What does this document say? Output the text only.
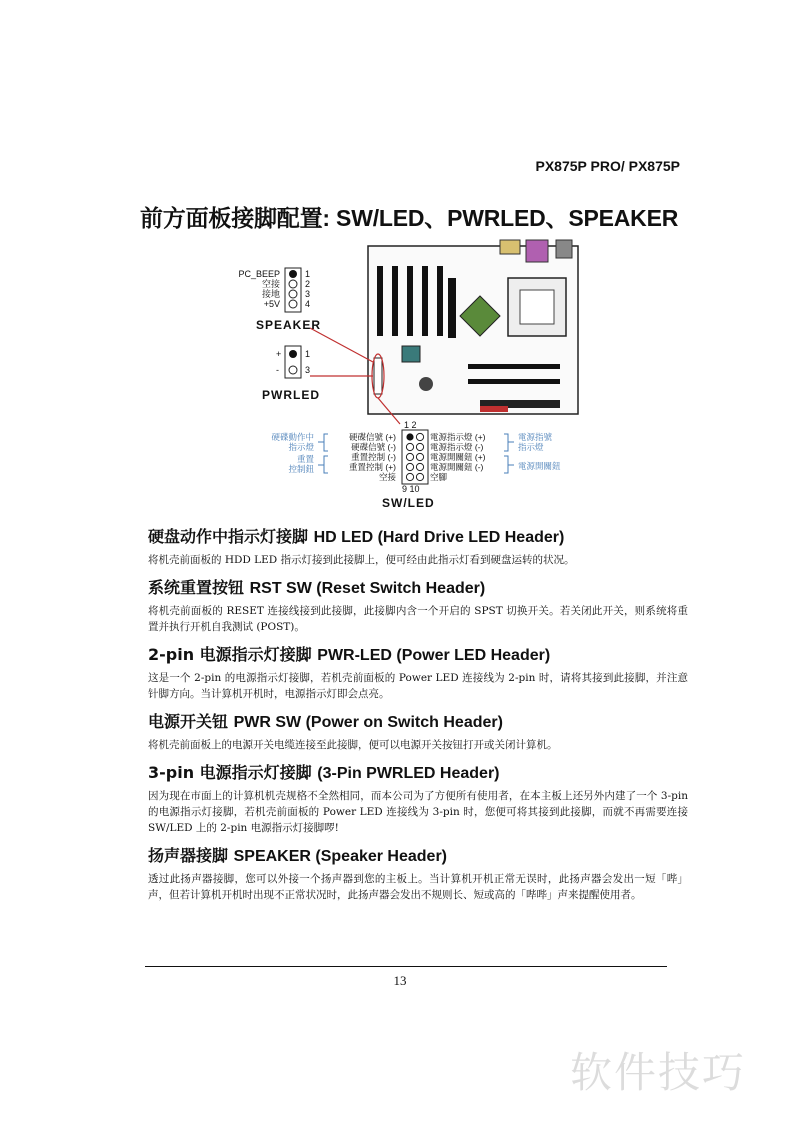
PX875P PRO/ PX875P
前方面板接脚配置: SW/LED、PWRLED、SPEAKER
PC_BEEP
空接
接地
+5V
1
2
3
4
SPEAKER
+
-
1
3
PWRLED
1 2
9 10
SW/LED
硬碟信號 (+)
硬碟信號 (-)
重置控制 (-)
重置控制 (+)
空接
電源指示燈 (+)
電源指示燈 (-)
電源開關鈕 (+)
電源開關鈕 (-)
空腳
硬碟動作中
指示燈
重置
控制鈕
電源指號
指示燈
電源開關鈕
硬盘动作中指示灯接脚 HD LED (Hard Drive LED Header)

将机壳前面板的 HDD LED 指示灯接到此接脚上，便可经由此指示灯看到硬盘运转的状况。

系统重置按钮 RST SW (Reset Switch Header)

将机壳前面板的 RESET 连接线接到此接脚，此接脚内含一个开启的 SPST 切换开关。若关闭此开关，则系统将重置并执行开机自我测试 (POST)。

2-pin 电源指示灯接脚 PWR-LED (Power LED Header)

这是一个 2-pin 的电源指示灯接脚，若机壳前面板的 Power LED 连接线为 2-pin 时，请将其接到此接脚，并注意针脚方向。当计算机开机时，电源指示灯即会点亮。

电源开关钮 PWR SW (Power on Switch Header)

将机壳前面板上的电源开关电缆连接至此接脚，便可以电源开关按钮打开或关闭计算机。

3-pin 电源指示灯接脚 (3-Pin PWRLED Header)

因为现在市面上的计算机机壳规格不全然相同，而本公司为了方便所有使用者，在本主板上还另外内建了一个 3-pin 的电源指示灯接脚，若机壳前面板的 Power LED 连接线为 3-pin 时，您便可将其接到此接脚，而就不再需要连接 SW/LED 上的 2-pin 电源指示灯接脚啰!

扬声器接脚 SPEAKER (Speaker Header)

透过此扬声器接脚，您可以外接一个扬声器到您的主板上。当计算机开机正常无误时，此扬声器会发出一短「哔」声，但若计算机开机时出现不正常状况时，此扬声器会发出不规则长、短或高的「哔哔」声来提醒使用者。

13
软件技巧
